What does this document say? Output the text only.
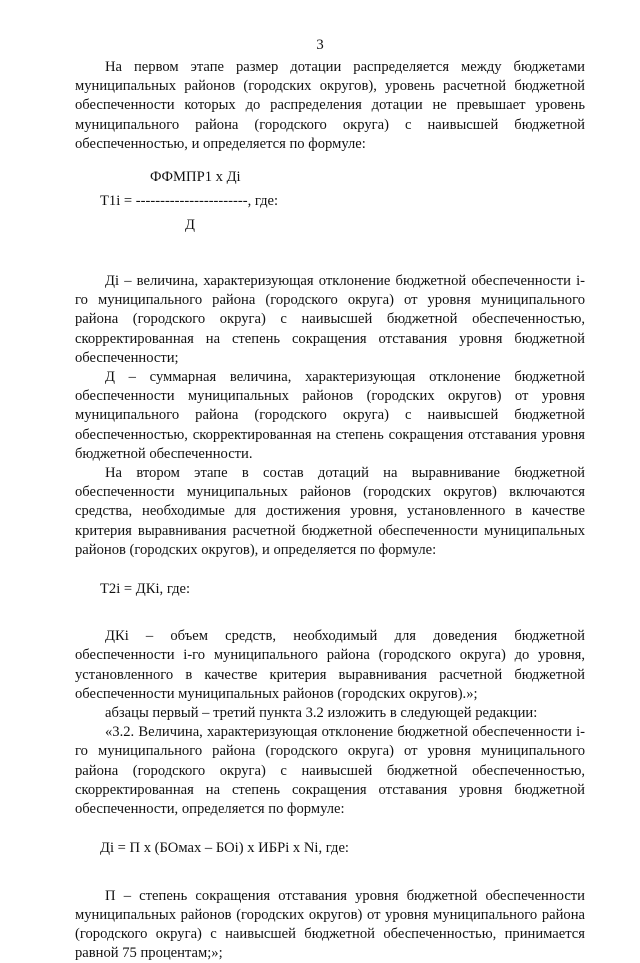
3

На первом этапе размер дотации распределяется между бюджетами муниципальных районов (городских округов), уровень расчетной бюджетной обеспеченности которых до распределения дотации не превышает уровень муниципального района (городского округа) с наивысшей бюджетной обеспеченностью, и определяется по формуле:

ФФМПР1 х Дi
Т1i = -----------------------, где:
Д

Дi – величина, характеризующая отклонение бюджетной обеспеченности i-го муниципального района (городского округа) от уровня муниципального района (городского округа) с наивысшей бюджетной обеспеченностью, скорректированная на степень сокращения отставания уровня бюджетной обеспеченности;

Д – суммарная величина, характеризующая отклонение бюджетной обеспеченности муниципальных районов (городских округов) от уровня муниципального района (городского округа) с наивысшей бюджетной обеспеченностью, скорректированная на степень сокращения отставания уровня бюджетной обеспеченности.

На втором этапе в состав дотаций на выравнивание бюджетной обеспеченности муниципальных районов (городских округов) включаются средства, необходимые для достижения уровня, установленного в качестве критерия выравнивания расчетной бюджетной обеспеченности муниципальных районов (городских округов), и определяется по формуле:

Т2i = ДКi, где:

ДКi – объем средств, необходимый для доведения бюджетной обеспеченности i-го муниципального района (городского округа) до уровня, установленного в качестве критерия выравнивания расчетной бюджетной обеспеченности муниципальных районов (городских округов).»;

абзацы первый – третий пункта 3.2 изложить в следующей редакции:

«3.2. Величина, характеризующая отклонение бюджетной обеспеченности i-го муниципального района (городского округа) от уровня муниципального района (городского округа) с наивысшей бюджетной обеспеченностью, скорректированная на степень сокращения отставания уровня бюджетной обеспеченности, определяется по формуле:

Дi = П х (БОмах – БОi) х ИБРi х Ni, где:

П – степень сокращения отставания уровня бюджетной обеспеченности муниципальных районов (городских округов) от уровня муниципального района (городского округа) с наивысшей бюджетной обеспеченностью, принимается равной 75 процентам;»;
